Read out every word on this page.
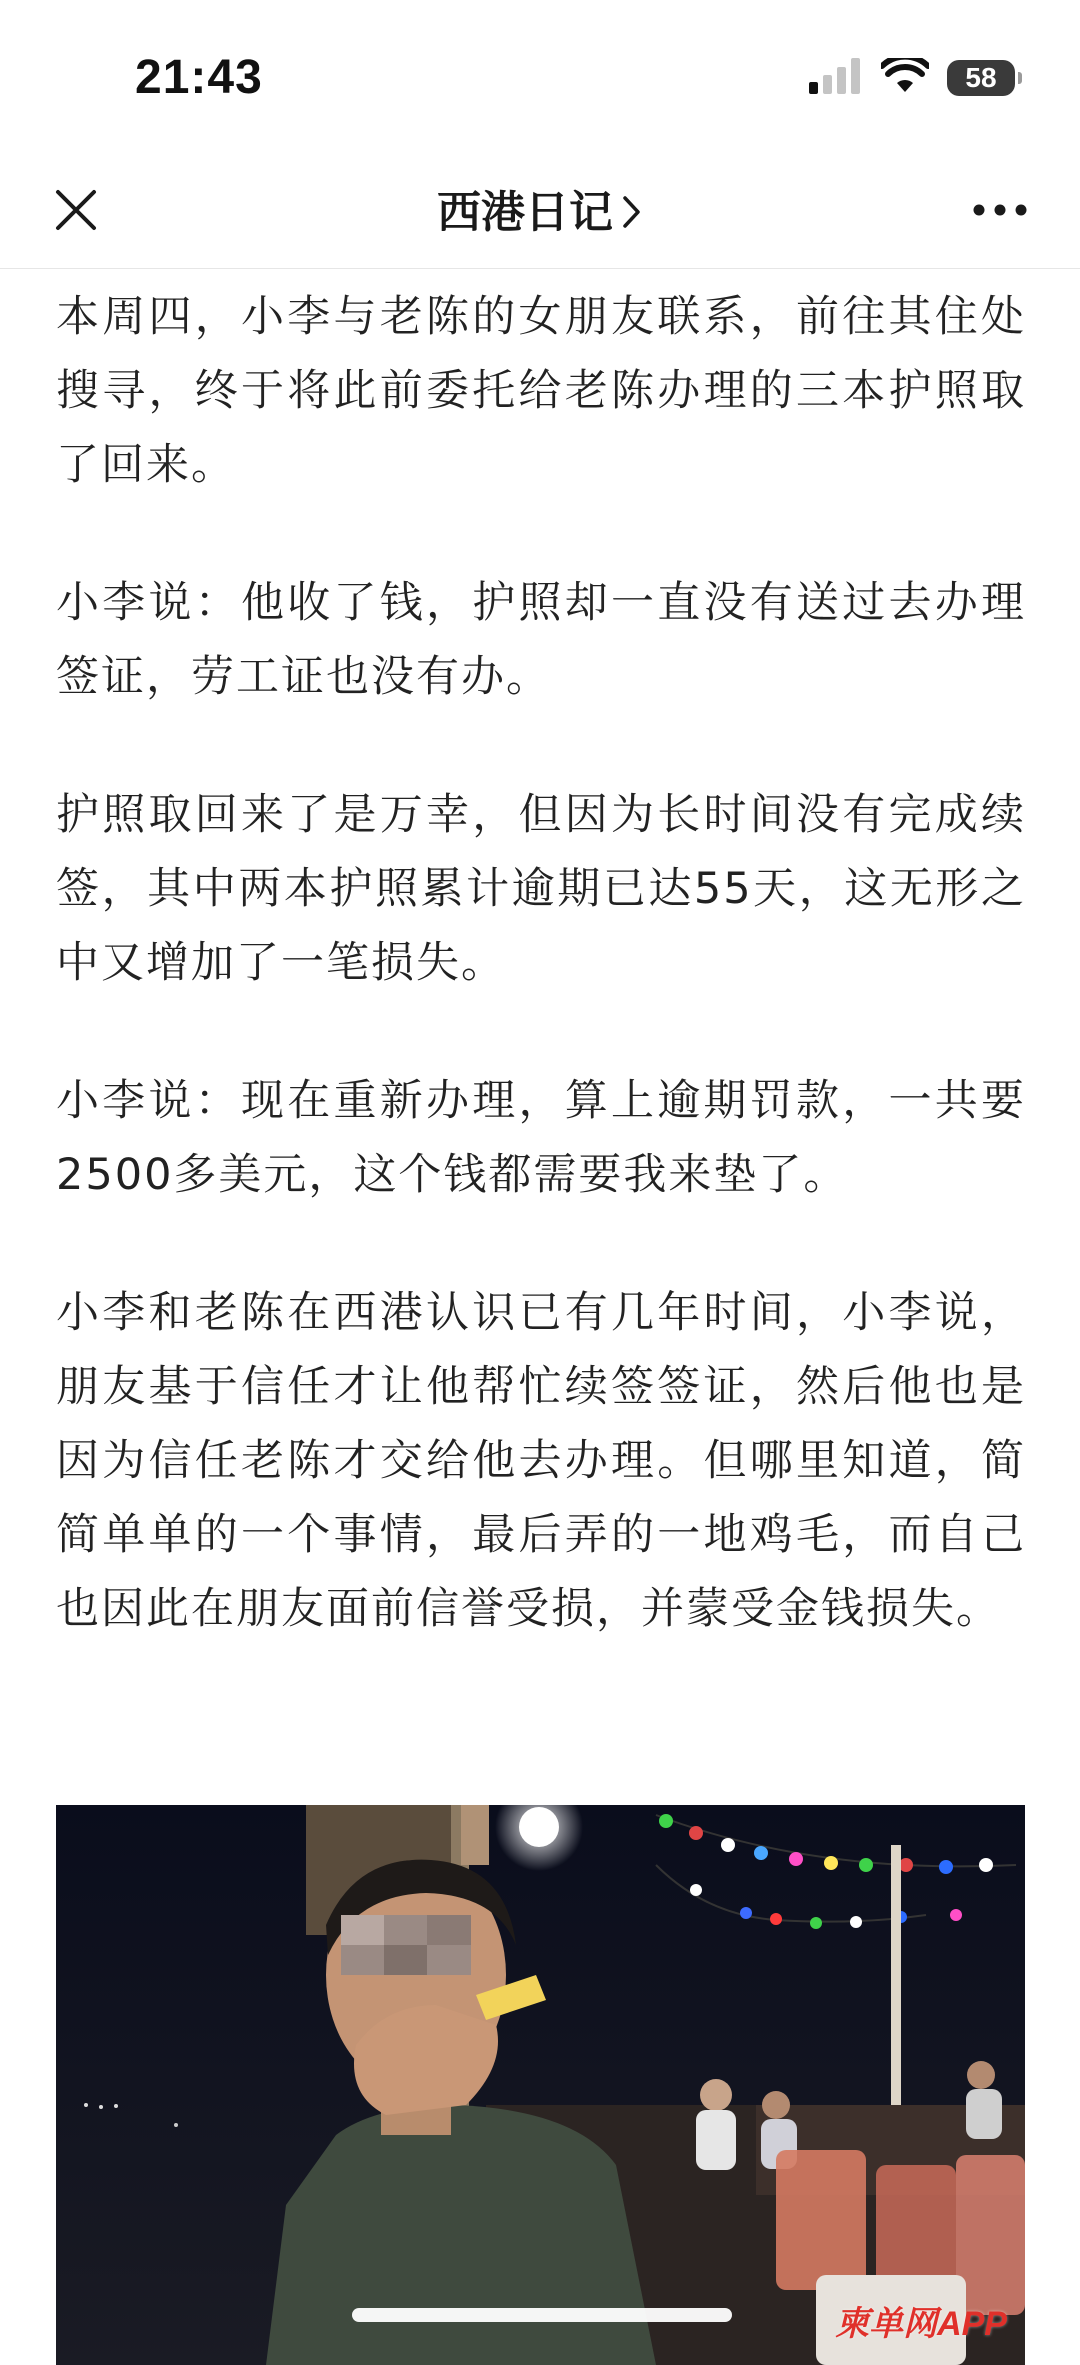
21:43	58
西港日记

本周四，小李与老陈的女朋友联系，前往其住处搜寻，终于将此前委托给老陈办理的三本护照取了回来。

小李说：他收了钱，护照却一直没有送过去办理签证，劳工证也没有办。

护照取回来了是万幸，但因为长时间没有完成续签，其中两本护照累计逾期已达55天，这无形之中又增加了一笔损失。

小李说：现在重新办理，算上逾期罚款，一共要2500多美元，这个钱都需要我来垫了。

小李和老陈在西港认识已有几年时间，小李说，朋友基于信任才让他帮忙续签签证，然后他也是因为信任老陈才交给他去办理。但哪里知道，简简单单的一个事情，最后弄的一地鸡毛，而自己也因此在朋友面前信誉受损，并蒙受金钱损失。

柬单网APP
